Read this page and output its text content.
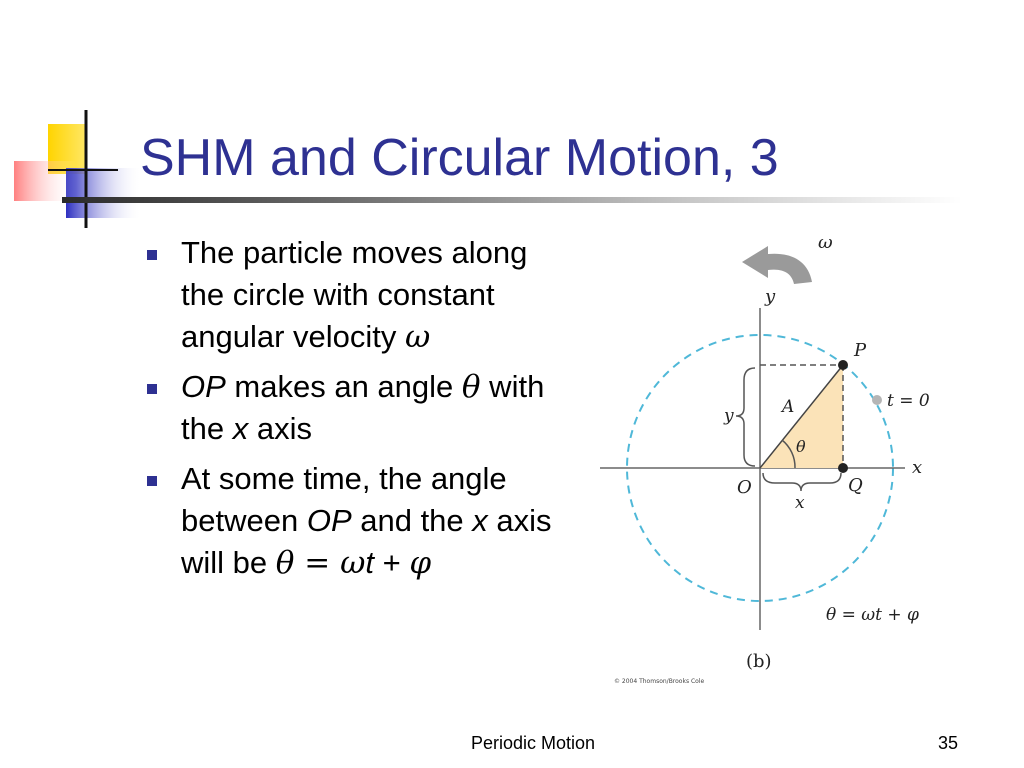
SHM and Circular Motion, 3
The particle moves along the circle with constant angular velocity ω
OP makes an angle θ with the x axis
At some time, the angle between OP and the x axis will be θ = ωt + φ
ω
y
x
θ
A
y
x
P
Q
O
t = 0
θ = ωt + φ
(b)
© 2004 Thomson/Brooks Cole
Periodic Motion	35
